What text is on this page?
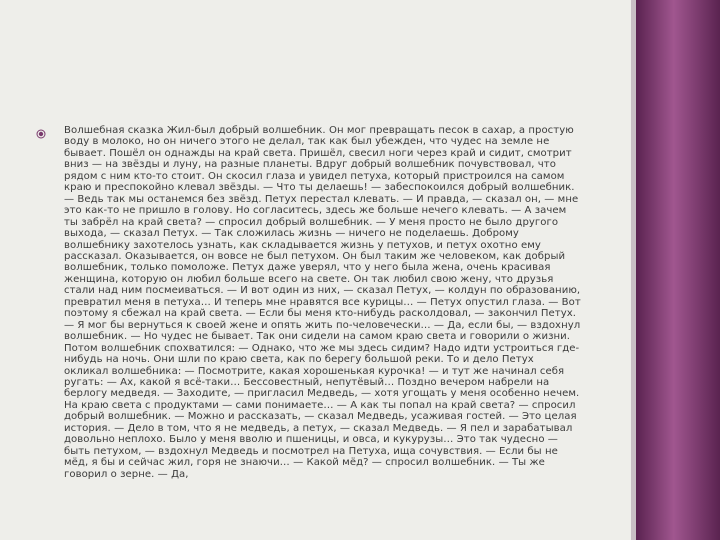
Волшебная сказка Жил-был добрый волшебник. Он мог превращать песок в сахар, а простую
воду в молоко, но он ничего этого не делал, так как был убежден, что чудес на земле не
бывает. Пошёл он однажды на край света. Пришёл, свесил ноги через край и сидит, смотрит
вниз — на звёзды и луну, на разные планеты. Вдруг добрый волшебник почувствовал, что
рядом с ним кто-то стоит. Он скосил глаза и увидел петуха, который пристроился на самом
краю и преспокойно клевал звёзды. — Что ты делаешь! — забеспокоился добрый волшебник.
— Ведь так мы останемся без звёзд. Петух перестал клевать. — И правда, — сказал он, — мне
это как-то не пришло в голову. Но согласитесь, здесь же больше нечего клевать. — А зачем
ты забрёл на край света? — спросил добрый волшебник. — У меня просто не было другого
выхода, — сказал Петух. — Так сложилась жизнь — ничего не поделаешь. Доброму
волшебнику захотелось узнать, как складывается жизнь у петухов, и петух охотно ему
рассказал. Оказывается, он вовсе не был петухом. Он был таким же человеком, как добрый
волшебник, только помоложе. Петух даже уверял, что у него была жена, очень красивая
женщина, которую он любил больше всего на свете. Он так любил свою жену, что друзья
стали над ним посмеиваться. — И вот один из них, — сказал Петух, — колдун по образованию,
превратил меня в петуха… И теперь мне нравятся все курицы… — Петух опустил глаза. — Вот
поэтому я сбежал на край света. — Если бы меня кто-нибудь расколдовал, — закончил Петух.
— Я мог бы вернуться к своей жене и опять жить по-человечески… — Да, если бы, — вздохнул
волшебник. — Но чудес не бывает. Так они сидели на самом краю света и говорили о жизни.
Потом волшебник спохватился: — Однако, что же мы здесь сидим? Надо идти устроиться где-
нибудь на ночь. Они шли по краю света, как по берегу большой реки. То и дело Петух
окликал волшебника: — Посмотрите, какая хорошенькая курочка! — и тут же начинал себя
ругать: — Ах, какой я всё-таки… Бессовестный, непутёвый… Поздно вечером набрели на
берлогу медведя. — Заходите, — пригласил Медведь, — хотя угощать у меня особенно нечем.
На краю света с продуктами — сами понимаете… — А как ты попал на край света? — спросил
добрый волшебник. — Можно и рассказать, — сказал Медведь, усаживая гостей. — Это целая
история. — Дело в том, что я не медведь, а петух, — сказал Медведь. — Я пел и зарабатывал
довольно неплохо. Было у меня вволю и пшеницы, и овса, и кукурузы… Это так чудесно —
быть петухом, — вздохнул Медведь и посмотрел на Петуха, ища сочувствия. — Если бы не
мёд, я бы и сейчас жил, горя не знаючи… — Какой мёд? — спросил волшебник. — Ты же
говорил о зерне. — Да,
